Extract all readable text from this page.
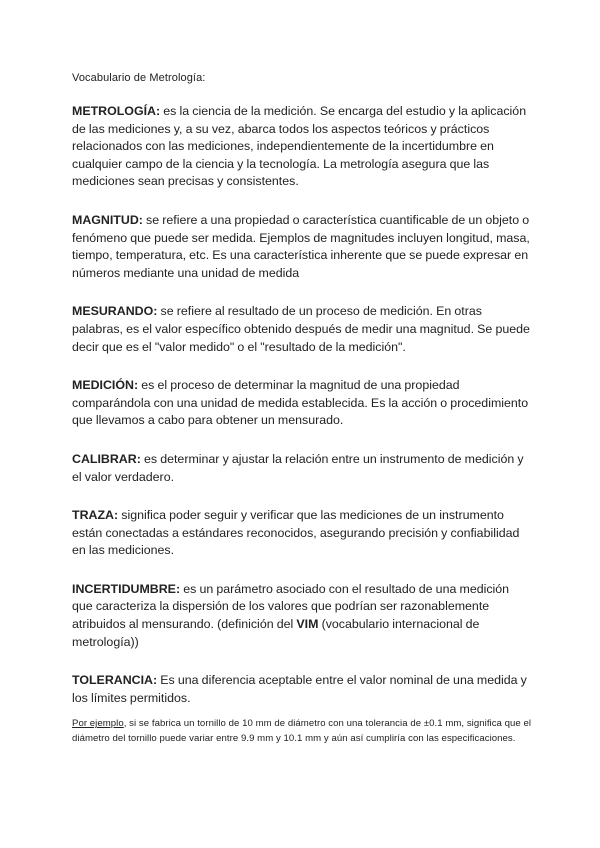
Vocabulario de Metrología:

METROLOGÍA: es la ciencia de la medición. Se encarga del estudio y la aplicación de las mediciones y, a su vez, abarca todos los aspectos teóricos y prácticos relacionados con las mediciones, independientemente de la incertidumbre en cualquier campo de la ciencia y la tecnología. La metrología asegura que las mediciones sean precisas y consistentes.

MAGNITUD: se refiere a una propiedad o característica cuantificable de un objeto o fenómeno que puede ser medida. Ejemplos de magnitudes incluyen longitud, masa, tiempo, temperatura, etc. Es una característica inherente que se puede expresar en números mediante una unidad de medida

MESURANDO: se refiere al resultado de un proceso de medición. En otras palabras, es el valor específico obtenido después de medir una magnitud. Se puede decir que es el "valor medido" o el "resultado de la medición".

MEDICIÓN: es el proceso de determinar la magnitud de una propiedad comparándola con una unidad de medida establecida. Es la acción o procedimiento que llevamos a cabo para obtener un mensurado.

CALIBRAR: es determinar y ajustar la relación entre un instrumento de medición y el valor verdadero.

TRAZA: significa poder seguir y verificar que las mediciones de un instrumento están conectadas a estándares reconocidos, asegurando precisión y confiabilidad en las mediciones.

INCERTIDUMBRE: es un parámetro asociado con el resultado de una medición que caracteriza la dispersión de los valores que podrían ser razonablemente atribuidos al mensurando. (definición del VIM (vocabulario internacional de metrología))

TOLERANCIA: Es una diferencia aceptable entre el valor nominal de una medida y los límites permitidos.

Por ejemplo, si se fabrica un tornillo de 10 mm de diámetro con una tolerancia de ±0.1 mm, significa que el diámetro del tornillo puede variar entre 9.9 mm y 10.1 mm y aún así cumpliría con las especificaciones.
